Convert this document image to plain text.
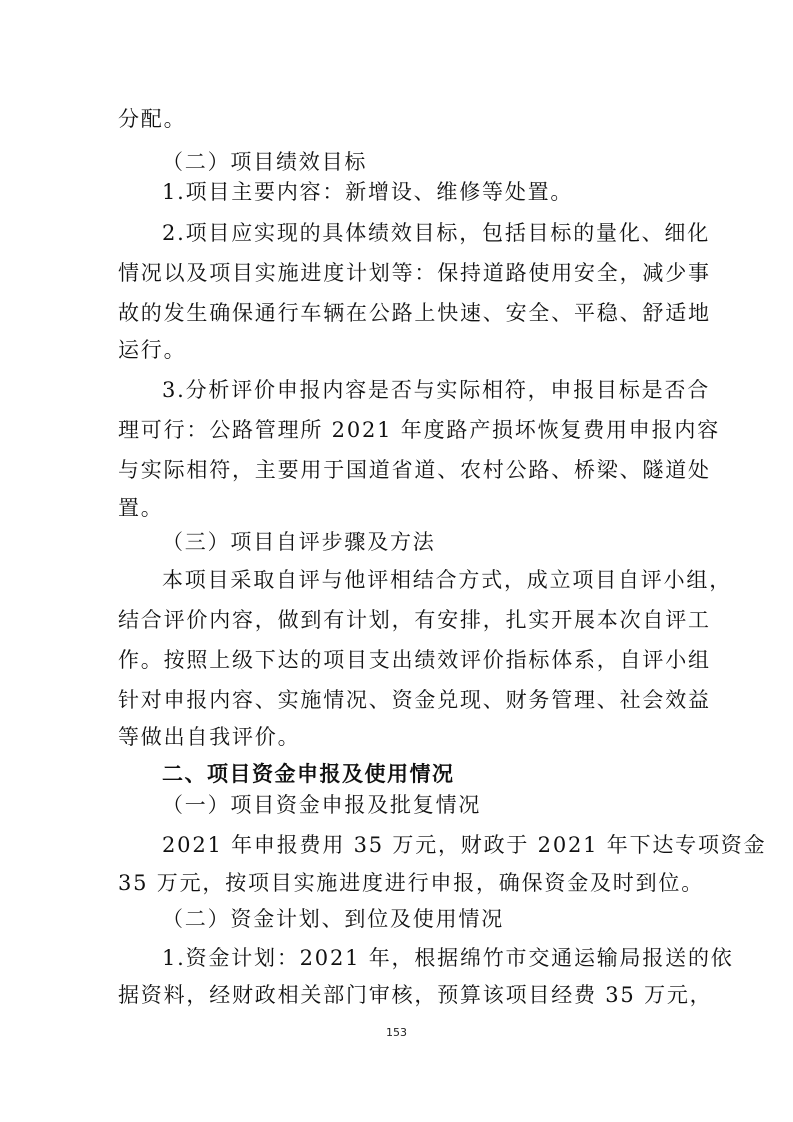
分配。
（二）项目绩效目标
1.项目主要内容：新增设、维修等处置。
2.项目应实现的具体绩效目标，包括目标的量化、细化
情况以及项目实施进度计划等：保持道路使用安全，减少事
故的发生确保通行车辆在公路上快速、安全、平稳、舒适地
运行。
3.分析评价申报内容是否与实际相符，申报目标是否合
理可行：公路管理所 2021 年度路产损坏恢复费用申报内容
与实际相符，主要用于国道省道、农村公路、桥梁、隧道处
置。
（三）项目自评步骤及方法
本项目采取自评与他评相结合方式，成立项目自评小组，
结合评价内容，做到有计划，有安排，扎实开展本次自评工
作。按照上级下达的项目支出绩效评价指标体系，自评小组
针对申报内容、实施情况、资金兑现、财务管理、社会效益
等做出自我评价。
二、项目资金申报及使用情况
（一）项目资金申报及批复情况
2021 年申报费用 35 万元，财政于 2021 年下达专项资金
35 万元，按项目实施进度进行申报，确保资金及时到位。
（二）资金计划、到位及使用情况
1.资金计划：2021 年，根据绵竹市交通运输局报送的依
据资料，经财政相关部门审核，预算该项目经费 35 万元，
153
